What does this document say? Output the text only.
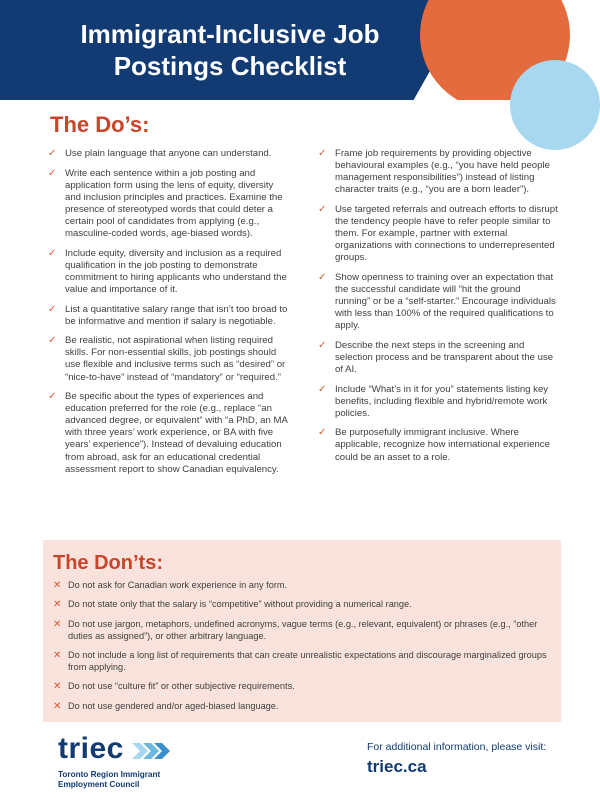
Immigrant-Inclusive Job
Postings Checklist
The Do’s:
✓ Use plain language that anyone can understand.
✓ Write each sentence within a job posting and application form using the lens of equity, diversity and inclusion principles and practices. Examine the presence of stereotyped words that could deter a certain pool of candidates from applying (e.g., masculine-coded words, age-biased words).
✓ Include equity, diversity and inclusion as a required qualification in the job posting to demonstrate commitment to hiring applicants who understand the value and importance of it.
✓ List a quantitative salary range that isn’t too broad to be informative and mention if salary is negotiable.
✓ Be realistic, not aspirational when listing required skills. For non-essential skills, job postings should use flexible and inclusive terms such as “desired” or “nice-to-have” instead of “mandatory” or “required.”
✓ Be specific about the types of experiences and education preferred for the role (e.g., replace “an advanced degree, or equivalent” with “a PhD, an MA with three years’ work experience, or BA with five years’ experience”). Instead of devaluing education from abroad, ask for an educational credential assessment report to show Canadian equivalency.
✓ Frame job requirements by providing objective behavioural examples (e.g., “you have held people management responsibilities”) instead of listing character traits (e.g., “you are a born leader”).
✓ Use targeted referrals and outreach efforts to disrupt the tendency people have to refer people similar to them. For example, partner with external organizations with connections to underrepresented groups.
✓ Show openness to training over an expectation that the successful candidate will “hit the ground running” or be a “self-starter.” Encourage individuals with less than 100% of the required qualifications to apply.
✓ Describe the next steps in the screening and selection process and be transparent about the use of AI.
✓ Include “What’s in it for you” statements listing key benefits, including flexible and hybrid/remote work policies.
✓ Be purposefully immigrant inclusive. Where applicable, recognize how international experience could be an asset to a role.
The Don’ts:
✕ Do not ask for Canadian work experience in any form.
✕ Do not state only that the salary is “competitive” without providing a numerical range.
✕ Do not use jargon, metaphors, undefined acronyms, vague terms (e.g., relevant, equivalent) or phrases (e.g., “other duties as assigned”), or other arbitrary language.
✕ Do not include a long list of requirements that can create unrealistic expectations and discourage marginalized groups from applying.
✕ Do not use “culture fit” or other subjective requirements.
✕ Do not use gendered and/or aged-biased language.
triec
Toronto Region Immigrant
Employment Council
For additional information, please visit:
triec.ca
